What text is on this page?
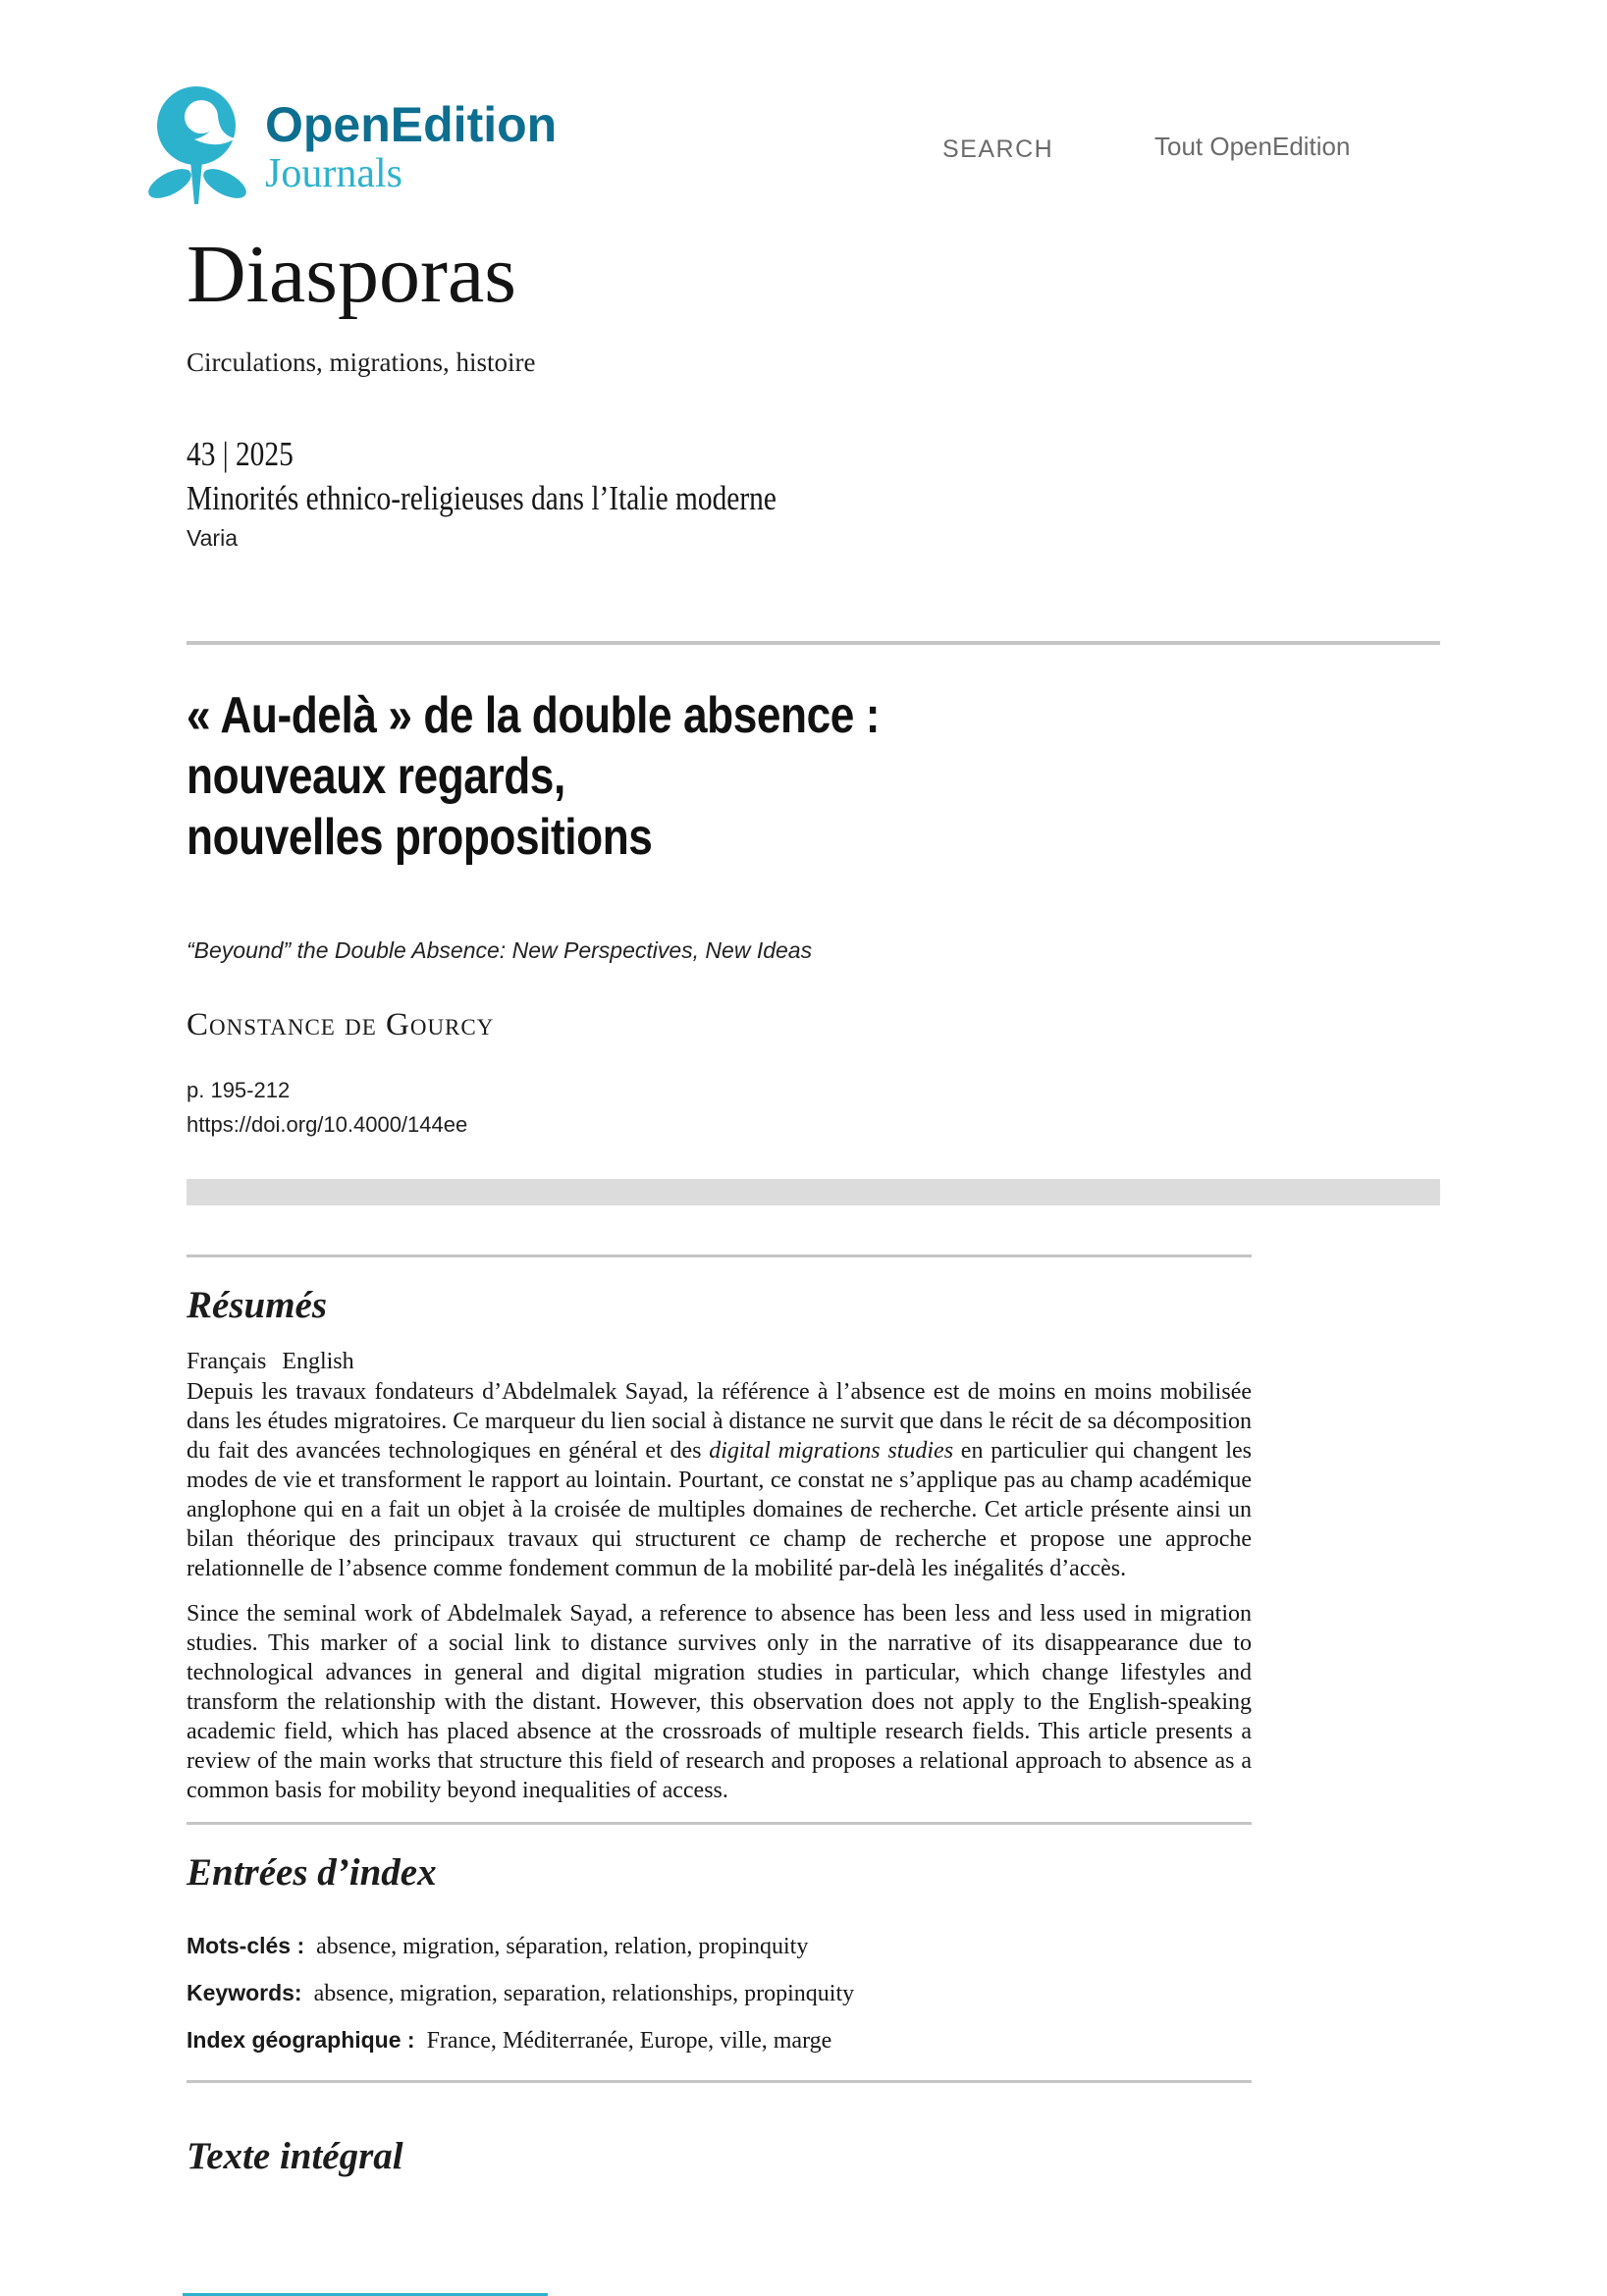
OpenEdition
Journals
SEARCH	Tout OpenEdition
Diasporas
Circulations, migrations, histoire
43 | 2025
Minorités ethnico-religieuses dans l’Italie moderne
Varia
« Au-delà » de la double absence :
nouveaux regards,
nouvelles propositions
“Beyound” the Double Absence: New Perspectives, New Ideas
Constance de Gourcy
p. 195-212
https://doi.org/10.4000/144ee
Résumés
Français English

Depuis les travaux fondateurs d’Abdelmalek Sayad, la référence à l’absence est de moins en moins mobilisée dans les études migratoires. Ce marqueur du lien social à distance ne survit que dans le récit de sa décomposition du fait des avancées technologiques en général et des digital migrations studies en particulier qui changent les modes de vie et transforment le rapport au lointain. Pourtant, ce constat ne s’applique pas au champ académique anglophone qui en a fait un objet à la croisée de multiples domaines de recherche. Cet article présente ainsi un bilan théorique des principaux travaux qui structurent ce champ de recherche et propose une approche relationnelle de l’absence comme fondement commun de la mobilité par-delà les inégalités d’accès.

Since the seminal work of Abdelmalek Sayad, a reference to absence has been less and less used in migration studies. This marker of a social link to distance survives only in the narrative of its disappearance due to technological advances in general and digital migration studies in particular, which change lifestyles and transform the relationship with the distant. However, this observation does not apply to the English-speaking academic field, which has placed absence at the crossroads of multiple research fields. This article presents a review of the main works that structure this field of research and proposes a relational approach to absence as a common basis for mobility beyond inequalities of access.

Entrées d’index
Mots-clés : absence, migration, séparation, relation, propinquity
Keywords: absence, migration, separation, relationships, propinquity
Index géographique : France, Méditerranée, Europe, ville, marge
Texte intégral
